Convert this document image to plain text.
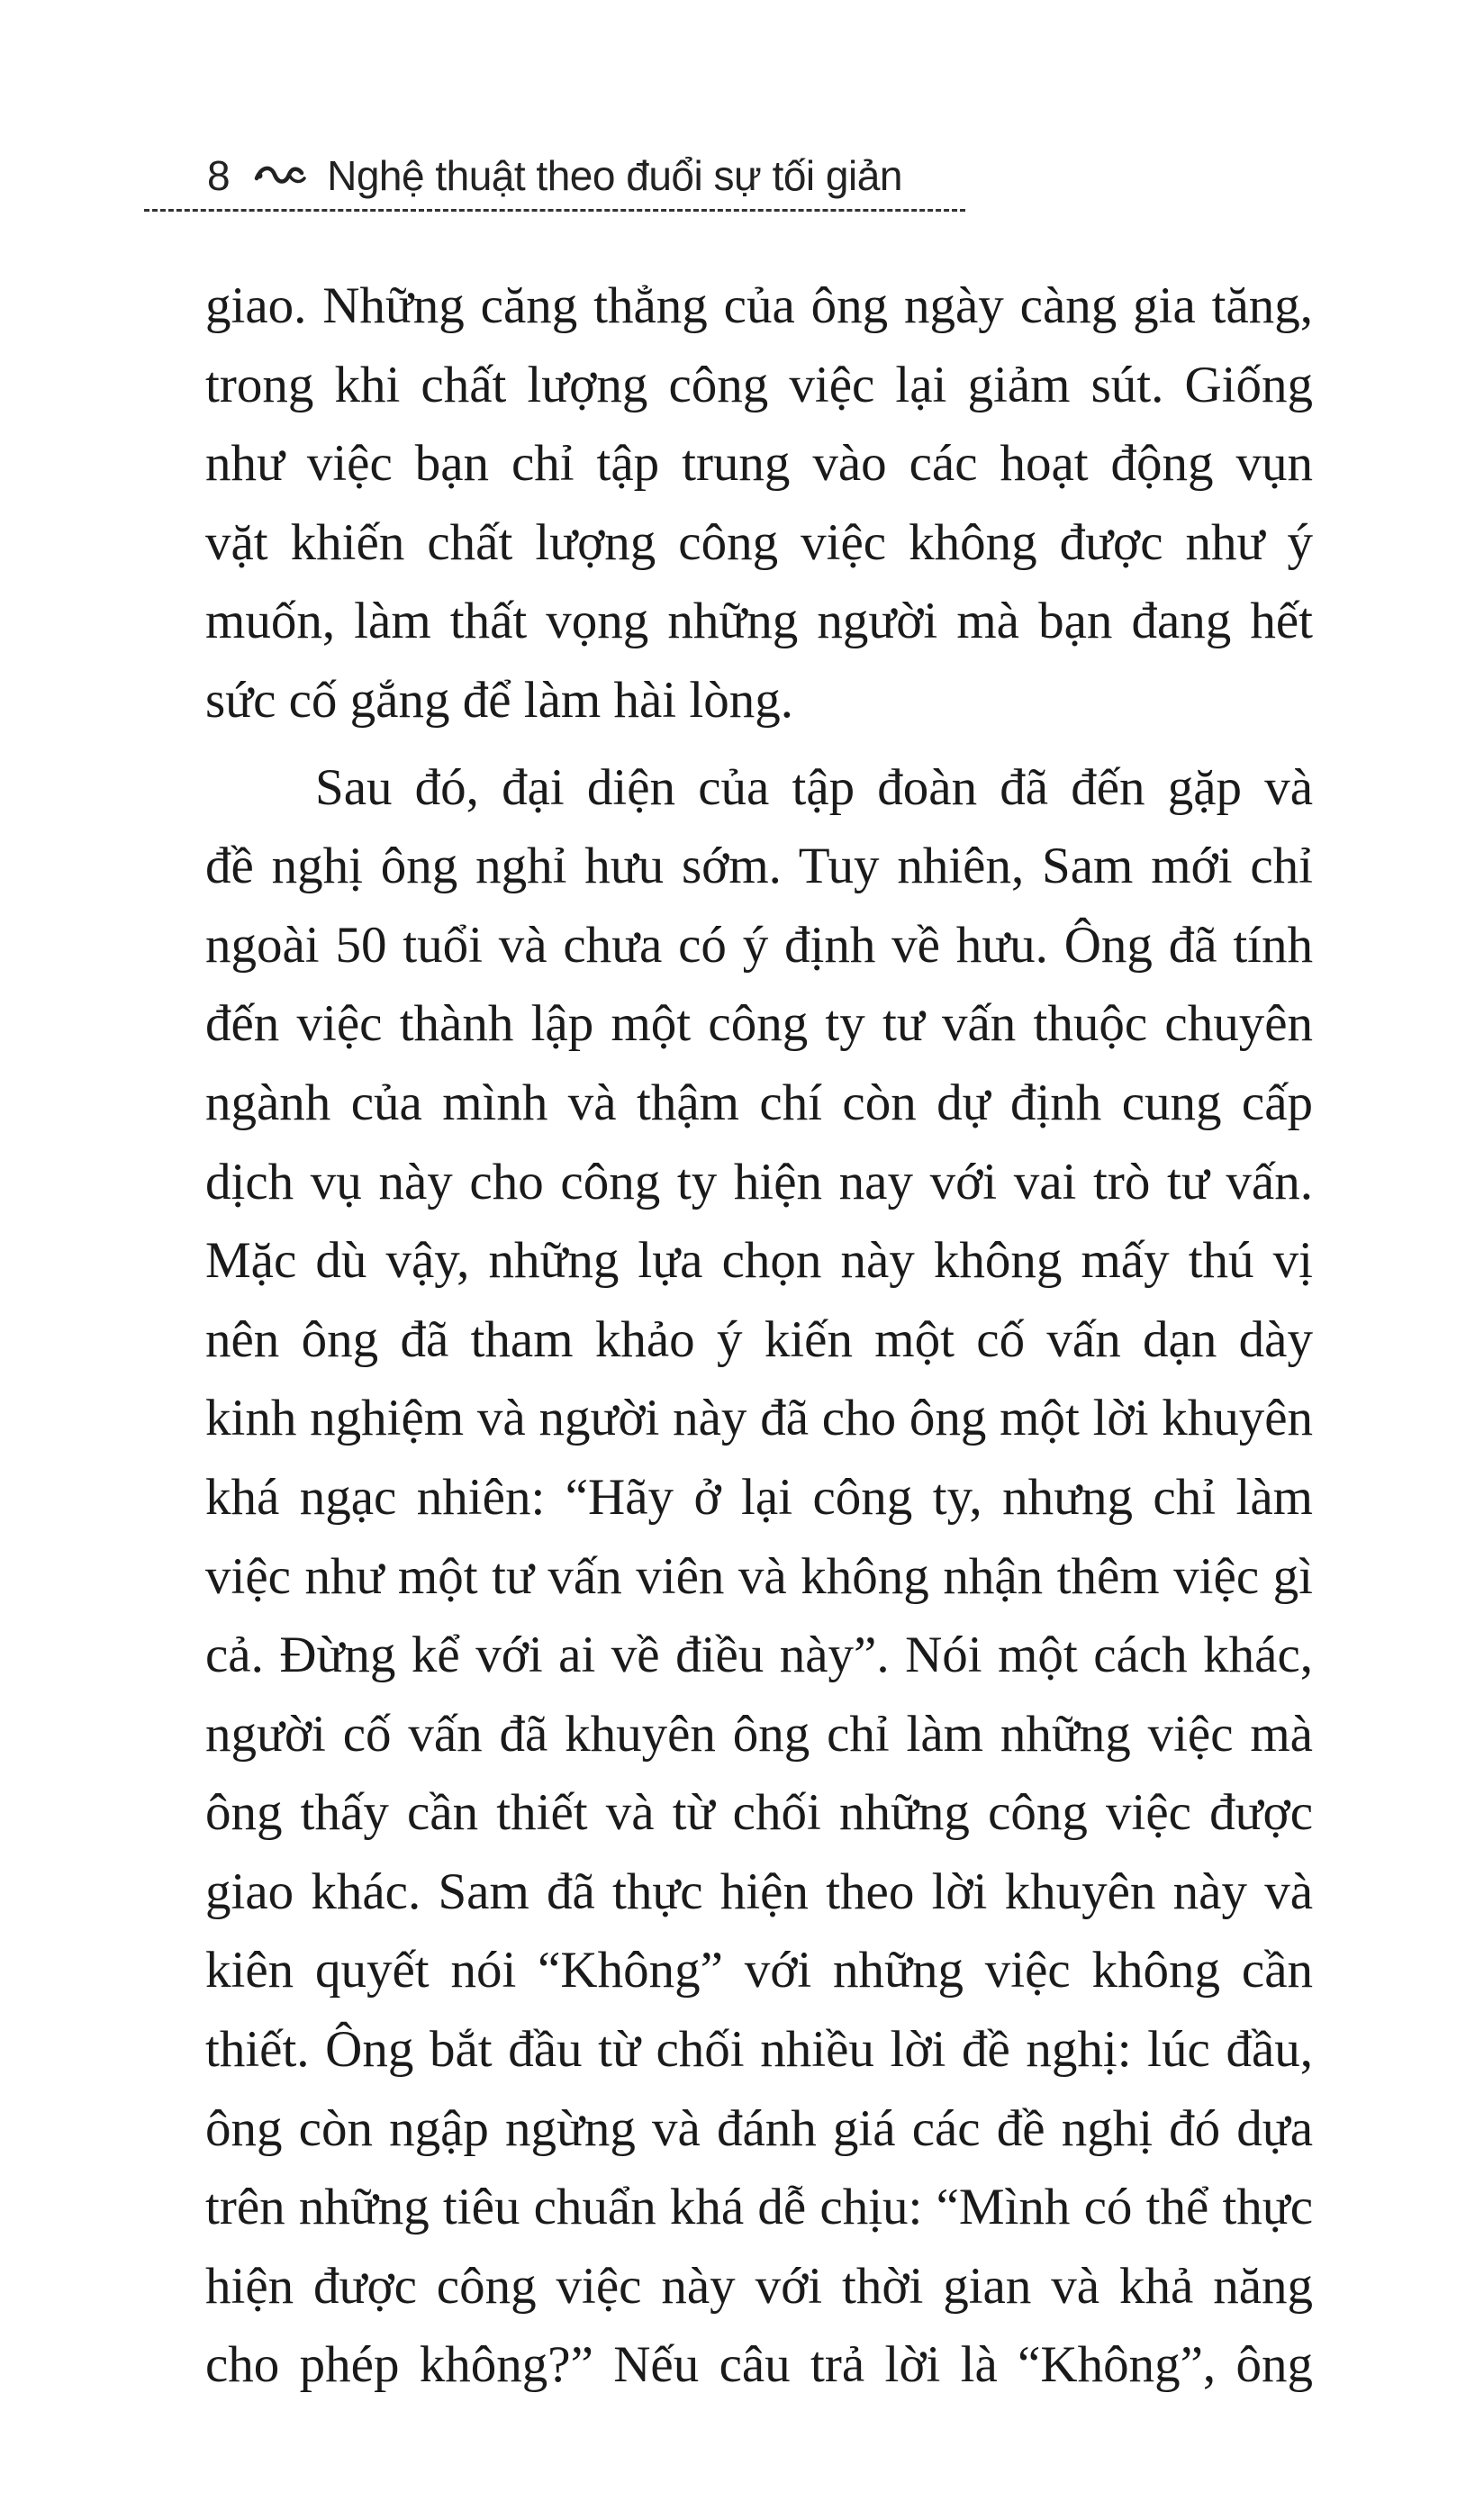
8 Nghệ thuật theo đuổi sự tối giản
giao. Những căng thẳng của ông ngày càng gia tăng,
trong khi chất lượng công việc lại giảm sút. Giống
như việc bạn chỉ tập trung vào các hoạt động vụn
vặt khiến chất lượng công việc không được như ý
muốn, làm thất vọng những người mà bạn đang hết
sức cố gắng để làm hài lòng.
Sau đó, đại diện của tập đoàn đã đến gặp và
đề nghị ông nghỉ hưu sớm. Tuy nhiên, Sam mới chỉ
ngoài 50 tuổi và chưa có ý định về hưu. Ông đã tính
đến việc thành lập một công ty tư vấn thuộc chuyên
ngành của mình và thậm chí còn dự định cung cấp
dịch vụ này cho công ty hiện nay với vai trò tư vấn.
Mặc dù vậy, những lựa chọn này không mấy thú vị
nên ông đã tham khảo ý kiến một cố vấn dạn dày
kinh nghiệm và người này đã cho ông một lời khuyên
khá ngạc nhiên: “Hãy ở lại công ty, nhưng chỉ làm
việc như một tư vấn viên và không nhận thêm việc gì
cả. Đừng kể với ai về điều này”. Nói một cách khác,
người cố vấn đã khuyên ông chỉ làm những việc mà
ông thấy cần thiết và từ chối những công việc được
giao khác. Sam đã thực hiện theo lời khuyên này và
kiên quyết nói “Không” với những việc không cần
thiết. Ông bắt đầu từ chối nhiều lời đề nghị: lúc đầu,
ông còn ngập ngừng và đánh giá các đề nghị đó dựa
trên những tiêu chuẩn khá dễ chịu: “Mình có thể thực
hiện được công việc này với thời gian và khả năng
cho phép không?” Nếu câu trả lời là “Không”, ông
